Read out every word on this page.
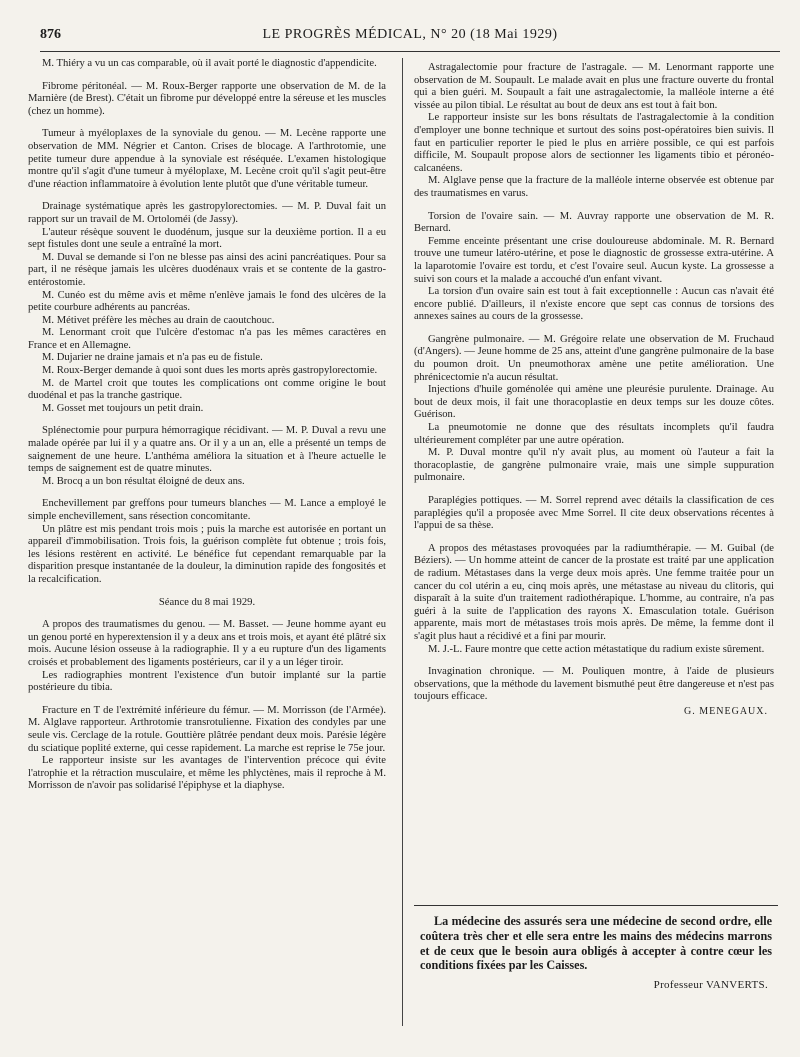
876	LE PROGRÈS MÉDICAL, N° 20 (18 Mai 1929)

M. Thiéry a vu un cas comparable, où il avait porté le diagnostic d'appendicite.

Fibrome péritonéal. — M. Roux-Berger rapporte une observation de M. de la Marnière (de Brest). C'était un fibrome pur développé entre la séreuse et les muscles (chez un homme).

Tumeur à myéloplaxes de la synoviale du genou. — M. Lecène rapporte une observation de MM. Négrier et Canton. Crises de blocage. A l'arthrotomie, une petite tumeur dure appendue à la synoviale est réséquée. L'examen histologique montre qu'il s'agit d'une tumeur à myéloplaxe, M. Lecène croit qu'il s'agit peut-être d'une réaction inflammatoire à évolution lente plutôt que d'une véritable tumeur.

Drainage systématique après les gastropylorectomies. — M. P. Duval fait un rapport sur un travail de M. Ortoloméi (de Jassy).

L'auteur résèque souvent le duodénum, jusque sur la deuxième portion. Il a eu sept fistules dont une seule a entraîné la mort.

M. Duval se demande si l'on ne blesse pas ainsi des acini pancréatiques. Pour sa part, il ne résèque jamais les ulcères duodénaux vrais et se contente de la gastro-entérostomie.

M. Cunéo est du même avis et même n'enlève jamais le fond des ulcères de la petite courbure adhérents au pancréas.

M. Métivet préfère les mèches au drain de caoutchouc.

M. Lenormant croit que l'ulcère d'estomac n'a pas les mêmes caractères en France et en Allemagne.

M. Dujarier ne draine jamais et n'a pas eu de fistule.

M. Roux-Berger demande à quoi sont dues les morts après gastropylorectomie.

M. de Martel croit que toutes les complications ont comme origine le bout duodénal et pas la tranche gastrique.

M. Gosset met toujours un petit drain.

Splénectomie pour purpura hémorragique récidivant. — M. P. Duval a revu une malade opérée par lui il y a quatre ans. Or il y a un an, elle a présenté un temps de saignement de une heure. L'anthéma améliora la situation et à l'heure actuelle le temps de saignement est de quatre minutes.

M. Brocq a un bon résultat éloigné de deux ans.

Enchevillement par greffons pour tumeurs blanches — M. Lance a employé le simple enchevillement, sans résection concomitante.

Un plâtre est mis pendant trois mois ; puis la marche est autorisée en portant un appareil d'immobilisation. Trois fois, la guérison complète fut obtenue ; trois fois, les lésions restèrent en activité. Le bénéfice fut cependant remarquable par la disparition presque instantanée de la douleur, la diminution rapide des fongosités et la recalcification.

Séance du 8 mai 1929.

A propos des traumatismes du genou. — M. Basset. — Jeune homme ayant eu un genou porté en hyperextension il y a deux ans et trois mois, et ayant été plâtré six mois. Aucune lésion osseuse à la radiographie. Il y a eu rupture d'un des ligaments croisés et probablement des ligaments postérieurs, car il y a un léger tiroir.

Les radiographies montrent l'existence d'un butoir implanté sur la partie postérieure du tibia.

Fracture en T de l'extrémité inférieure du fémur. — M. Morrisson (de l'Armée). M. Alglave rapporteur. Arthrotomie transrotulienne. Fixation des condyles par une seule vis. Cerclage de la rotule. Gouttière plâtrée pendant deux mois. Parésie légère du sciatique poplité externe, qui cesse rapidement. La marche est reprise le 75e jour.

Le rapporteur insiste sur les avantages de l'intervention précoce qui évite l'atrophie et la rétraction musculaire, et même les phlyctènes, mais il reproche à M. Morrisson de n'avoir pas solidarisé l'épiphyse et la diaphyse.

Astragalectomie pour fracture de l'astragale. — M. Lenormant rapporte une observation de M. Soupault. Le malade avait en plus une fracture ouverte du frontal qui a bien guéri. M. Soupault a fait une astragalectomie, la malléole interne a été vissée au pilon tibial. Le résultat au bout de deux ans est tout à fait bon.

Le rapporteur insiste sur les bons résultats de l'astragalectomie à la condition d'employer une bonne technique et surtout des soins post-opératoires bien suivis. Il faut en particulier reporter le pied le plus en arrière possible, ce qui est parfois difficile, M. Soupault propose alors de sectionner les ligaments tibio et péronéo-calcanéens.

M. Alglave pense que la fracture de la malléole interne observée est obtenue par des traumatismes en varus.

Torsion de l'ovaire sain. — M. Auvray rapporte une observation de M. R. Bernard.

Femme enceinte présentant une crise douloureuse abdominale. M. R. Bernard trouve une tumeur latéro-utérine, et pose le diagnostic de grossesse extra-utérine. A la laparotomie l'ovaire est tordu, et c'est l'ovaire seul. Aucun kyste. La grossesse a suivi son cours et la malade a accouché d'un enfant vivant.

La torsion d'un ovaire sain est tout à fait exceptionnelle : Aucun cas n'avait été encore publié. D'ailleurs, il n'existe encore que sept cas connus de torsions des annexes saines au cours de la grossesse.

Gangrène pulmonaire. — M. Grégoire relate une observation de M. Fruchaud (d'Angers). — Jeune homme de 25 ans, atteint d'une gangrène pulmonaire de la base du poumon droit. Un pneumothorax amène une petite amélioration. Une phrénicectomie n'a aucun résultat.

Injections d'huile goménolée qui amène une pleurésie purulente. Drainage. Au bout de deux mois, il fait une thoracoplastie en deux temps sur les douze côtes. Guérison.

La pneumotomie ne donne que des résultats incomplets qu'il faudra ultérieurement compléter par une autre opération.

M. P. Duval montre qu'il n'y avait plus, au moment où l'auteur a fait la thoracoplastie, de gangrène pulmonaire vraie, mais une simple suppuration pulmonaire.

Paraplégies pottiques. — M. Sorrel reprend avec détails la classification de ces paraplégies qu'il a proposée avec Mme Sorrel. Il cite deux observations récentes à l'appui de sa thèse.

A propos des métastases provoquées par la radiumthérapie. — M. Guibal (de Béziers). — Un homme atteint de cancer de la prostate est traité par une application de radium. Métastases dans la verge deux mois après. Une femme traitée pour un cancer du col utérin a eu, cinq mois après, une métastase au niveau du clitoris, qui disparaît à la suite d'un traitement radiothérapique. L'homme, au contraire, n'a pas guéri à la suite de l'application des rayons X. Emasculation totale. Guérison apparente, mais mort de métastases trois mois après. De même, la femme dont il s'agit plus haut a récidivé et a fini par mourir.

M. J.-L. Faure montre que cette action métastatique du radium existe sûrement.

Invagination chronique. — M. Pouliquen montre, à l'aide de plusieurs observations, que la méthode du lavement bismuthé peut être dangereuse et n'est pas toujours efficace.

G. MENEGAUX.

La médecine des assurés sera une médecine de second ordre, elle coûtera très cher et elle sera entre les mains des médecins marrons et de ceux que le besoin aura obligés à accepter à contre cœur les conditions fixées par les Caisses.

Professeur VANVERTS.
